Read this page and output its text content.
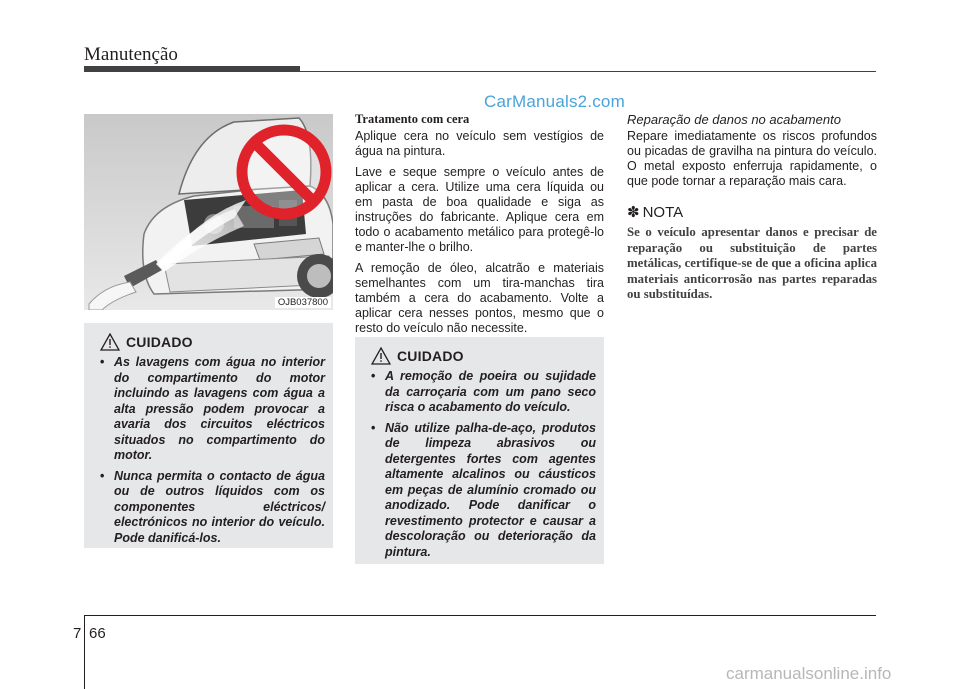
Manutenção
CarManuals2.com
OJB037800
CUIDADO
• As lavagens com água no interior do compartimento do motor incluindo as lavagens com água a alta pressão podem provocar a avaria dos circuitos eléctricos situados no compartimento do motor.
• Nunca permita o contacto de água ou de outros líquidos com os componentes eléctricos/ electrónicos no interior do veículo. Pode danificá-los.
Tratamento com cera

Aplique cera no veículo sem vestígios de água na pintura.

Lave e seque sempre o veículo antes de aplicar a cera. Utilize uma cera líquida ou em pasta de boa qualidade e siga as instruções do fabricante. Aplique cera em todo o acabamento metálico para protegê-lo e manter-lhe o brilho.

A remoção de óleo, alcatrão e materiais semelhantes com um tira-manchas tira também a cera do acabamento. Volte a aplicar cera nesses pontos, mesmo que o resto do veículo não necessite.

CUIDADO
• A remoção de poeira ou sujidade da carroçaria com um pano seco risca o acabamento do veículo.
• Não utilize palha-de-aço, produtos de limpeza abrasivos ou detergentes fortes com agentes altamente alcalinos ou cáusticos em peças de alumínio cromado ou anodizado. Pode danificar o revestimento protector e causar a descoloração ou deterioração da pintura.
Reparação de danos no acabamento

Repare imediatamente os riscos profundos ou picadas de gravilha na pintura do veículo. O metal exposto enferruja rapidamente, o que pode tornar a reparação mais cara.

✽ NOTA
Se o veículo apresentar danos e precisar de reparação ou substituição de partes metálicas, certifique-se de que a oficina aplica materiais anticorrosão nas partes reparadas ou substituídas.
7 66
carmanualsonline.info
